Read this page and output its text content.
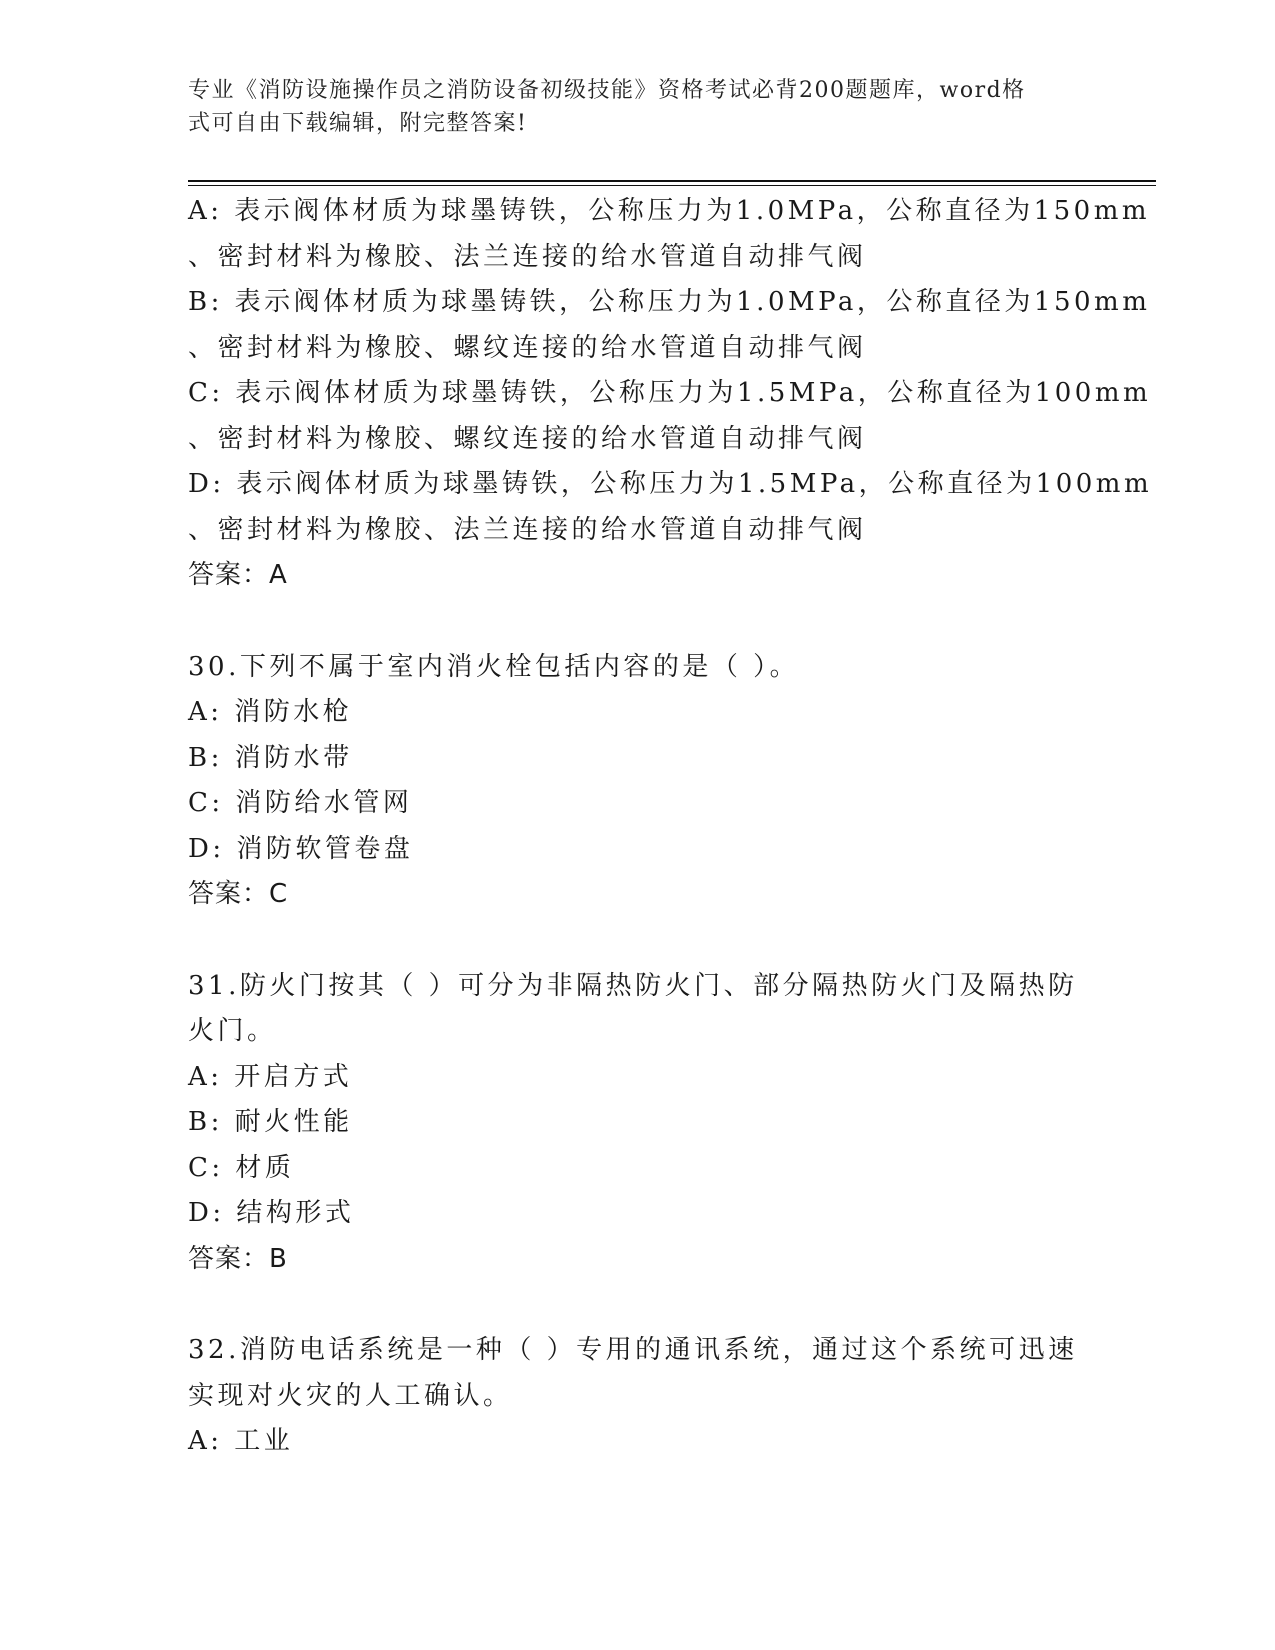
专业《消防设施操作员之消防设备初级技能》资格考试必背200题题库，word格
式可自由下载编辑，附完整答案!
A: 表示阀体材质为球墨铸铁，公称压力为1.0MPa，公称直径为150mm
、密封材料为橡胶、法兰连接的给水管道自动排气阀
B: 表示阀体材质为球墨铸铁，公称压力为1.0MPa，公称直径为150mm
、密封材料为橡胶、螺纹连接的给水管道自动排气阀
C: 表示阀体材质为球墨铸铁，公称压力为1.5MPa，公称直径为100mm
、密封材料为橡胶、螺纹连接的给水管道自动排气阀
D: 表示阀体材质为球墨铸铁，公称压力为1.5MPa，公称直径为100mm
、密封材料为橡胶、法兰连接的给水管道自动排气阀
答案：A
30.下列不属于室内消火栓包括内容的是（ ）。
A: 消防水枪
B: 消防水带
C: 消防给水管网
D: 消防软管卷盘
答案：C
31.防火门按其（ ）可分为非隔热防火门、部分隔热防火门及隔热防
火门。
A: 开启方式
B: 耐火性能
C: 材质
D: 结构形式
答案：B
32.消防电话系统是一种（ ）专用的通讯系统，通过这个系统可迅速
实现对火灾的人工确认。
A: 工业
